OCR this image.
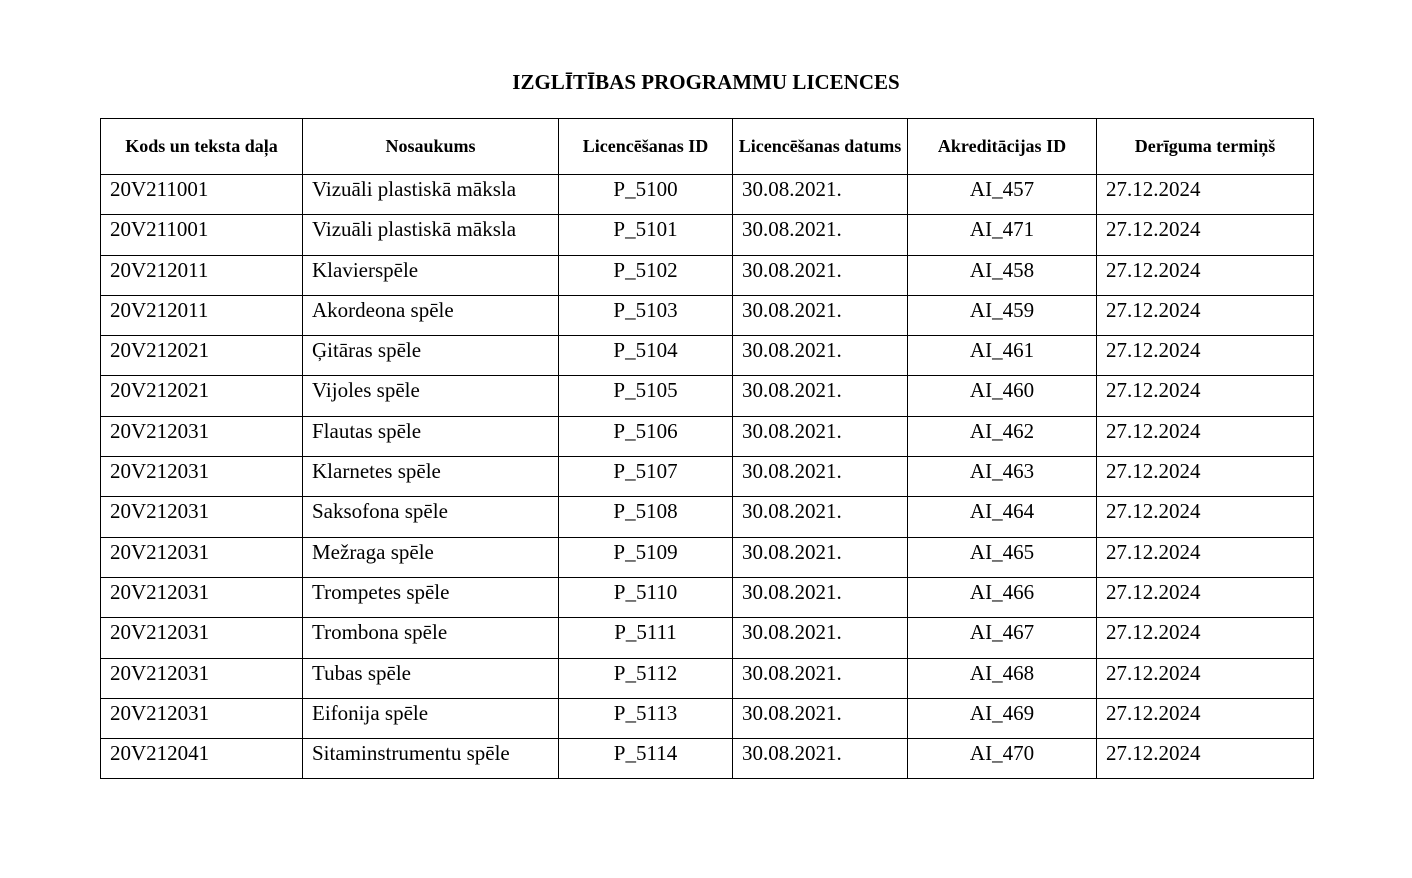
IZGLĪTĪBAS PROGRAMMU LICENCES
Kods un teksta daļa	Nosaukums	Licencēšanas ID	Licencēšanas datums	Akreditācijas ID	Derīguma termiņš
20V211001	Vizuāli plastiskā māksla	P_5100	30.08.2021.	AI_457	27.12.2024
20V211001	Vizuāli plastiskā māksla	P_5101	30.08.2021.	AI_471	27.12.2024
20V212011	Klavierspēle	P_5102	30.08.2021.	AI_458	27.12.2024
20V212011	Akordeona spēle	P_5103	30.08.2021.	AI_459	27.12.2024
20V212021	Ģitāras spēle	P_5104	30.08.2021.	AI_461	27.12.2024
20V212021	Vijoles spēle	P_5105	30.08.2021.	AI_460	27.12.2024
20V212031	Flautas spēle	P_5106	30.08.2021.	AI_462	27.12.2024
20V212031	Klarnetes spēle	P_5107	30.08.2021.	AI_463	27.12.2024
20V212031	Saksofona spēle	P_5108	30.08.2021.	AI_464	27.12.2024
20V212031	Mežraga spēle	P_5109	30.08.2021.	AI_465	27.12.2024
20V212031	Trompetes spēle	P_5110	30.08.2021.	AI_466	27.12.2024
20V212031	Trombona spēle	P_5111	30.08.2021.	AI_467	27.12.2024
20V212031	Tubas spēle	P_5112	30.08.2021.	AI_468	27.12.2024
20V212031	Eifonija spēle	P_5113	30.08.2021.	AI_469	27.12.2024
20V212041	Sitaminstrumentu spēle	P_5114	30.08.2021.	AI_470	27.12.2024
